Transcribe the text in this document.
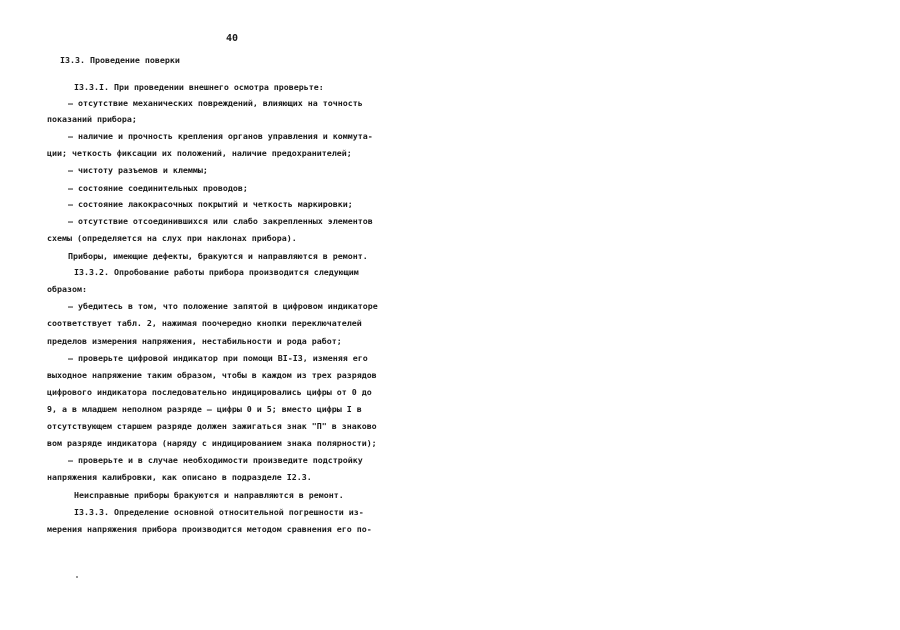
40
I3.3. Проведение поверки
I3.3.I. При проведении внешнего осмотра проверьте:
– отсутствие механических повреждений, влияющих на точность
показаний прибора;
– наличие и прочность крепления органов управления и коммута-
ции; четкость фиксации их положений, наличие предохранителей;
– чистоту разъемов и клеммы;
– состояние соединительных проводов;
– состояние лакокрасочных покрытий и четкость маркировки;
– отсутствие отсоединившихся или слабо закрепленных элементов
схемы (определяется на слух при наклонах прибора).
Приборы, имеющие дефекты, бракуются и направляются в ремонт.
I3.3.2. Опробование работы прибора производится следующим
образом:
– убедитесь в том, что положение запятой в цифровом индикаторе
соответствует табл. 2, нажимая поочередно кнопки переключателей
пределов измерения напряжения, нестабильности и рода работ;
– проверьте цифровой индикатор при помощи BI-I3, изменяя его
выходное напряжение таким образом, чтобы в каждом из трех разрядов
цифрового индикатора последовательно индицировались цифры от 0 до
9, а в младшем неполном разряде – цифры 0 и 5; вместо цифры I в
отсутствующем старшем разряде должен зажигаться знак "П" в знаково
вом разряде индикатора (наряду с индицированием знака полярности);
– проверьте и в случае необходимости произведите подстройку
напряжения калибровки, как описано в подразделе I2.3.
Неисправные приборы бракуются и направляются в ремонт.
I3.3.3. Определение основной относительной погрешности из-
мерения напряжения прибора производится методом сравнения его по-
